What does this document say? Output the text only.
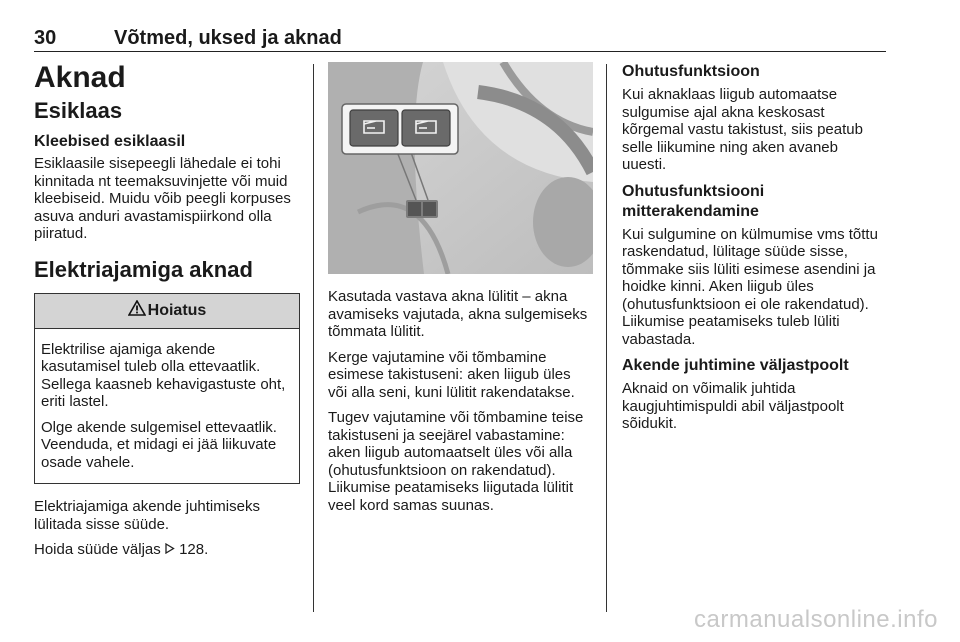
30	Võtmed, uksed ja aknad
Aknad
Esiklaas
Kleebised esiklaasil

Esiklaasile sisepeegli lähedale ei tohi kinnitada nt teemaksuvinjette või muid kleebiseid. Muidu võib peegli korpuses asuva anduri avastamispiirkond olla piiratud.

Elektriajamiga aknad
Hoiatus

Elektrilise ajamiga akende kasutamisel tuleb olla ettevaatlik. Sellega kaasneb kehavigastuste oht, eriti lastel.

Olge akende sulgemisel ettevaatlik. Veenduda, et midagi ei jää liikuvate osade vahele.

Elektriajamiga akende juhtimiseks lülitada sisse süüde.

Hoida süüde väljas  128.

Kasutada vastava akna lülitit – akna avamiseks vajutada, akna sulgemiseks tõmmata lülitit.

Kerge vajutamine või tõmbamine esimese takistuseni: aken liigub üles või alla seni, kuni lülitit rakendatakse.

Tugev vajutamine või tõmbamine teise takistuseni ja seejärel vabastamine: aken liigub automaatselt üles või alla (ohutusfunktsioon on rakendatud). Liikumise peatamiseks liigutada lülitit veel kord samas suunas.

Ohutusfunktsioon

Kui aknaklaas liigub automaatse sulgumise ajal akna keskosast kõrgemal vastu takistust, siis peatub selle liikumine ning aken avaneb uuesti.

Ohutusfunktsiooni mitterakendamine

Kui sulgumine on külmumise vms tõttu raskendatud, lülitage süüde sisse, tõmmake siis lüliti esimese asendini ja hoidke kinni. Aken liigub üles (ohutusfunktsioon ei ole rakendatud). Liikumise peatamiseks tuleb lüliti vabastada.

Akende juhtimine väljastpoolt

Aknaid on võimalik juhtida kaugjuhtimispuldi abil väljastpoolt sõidukit.

carmanualsonline.info
